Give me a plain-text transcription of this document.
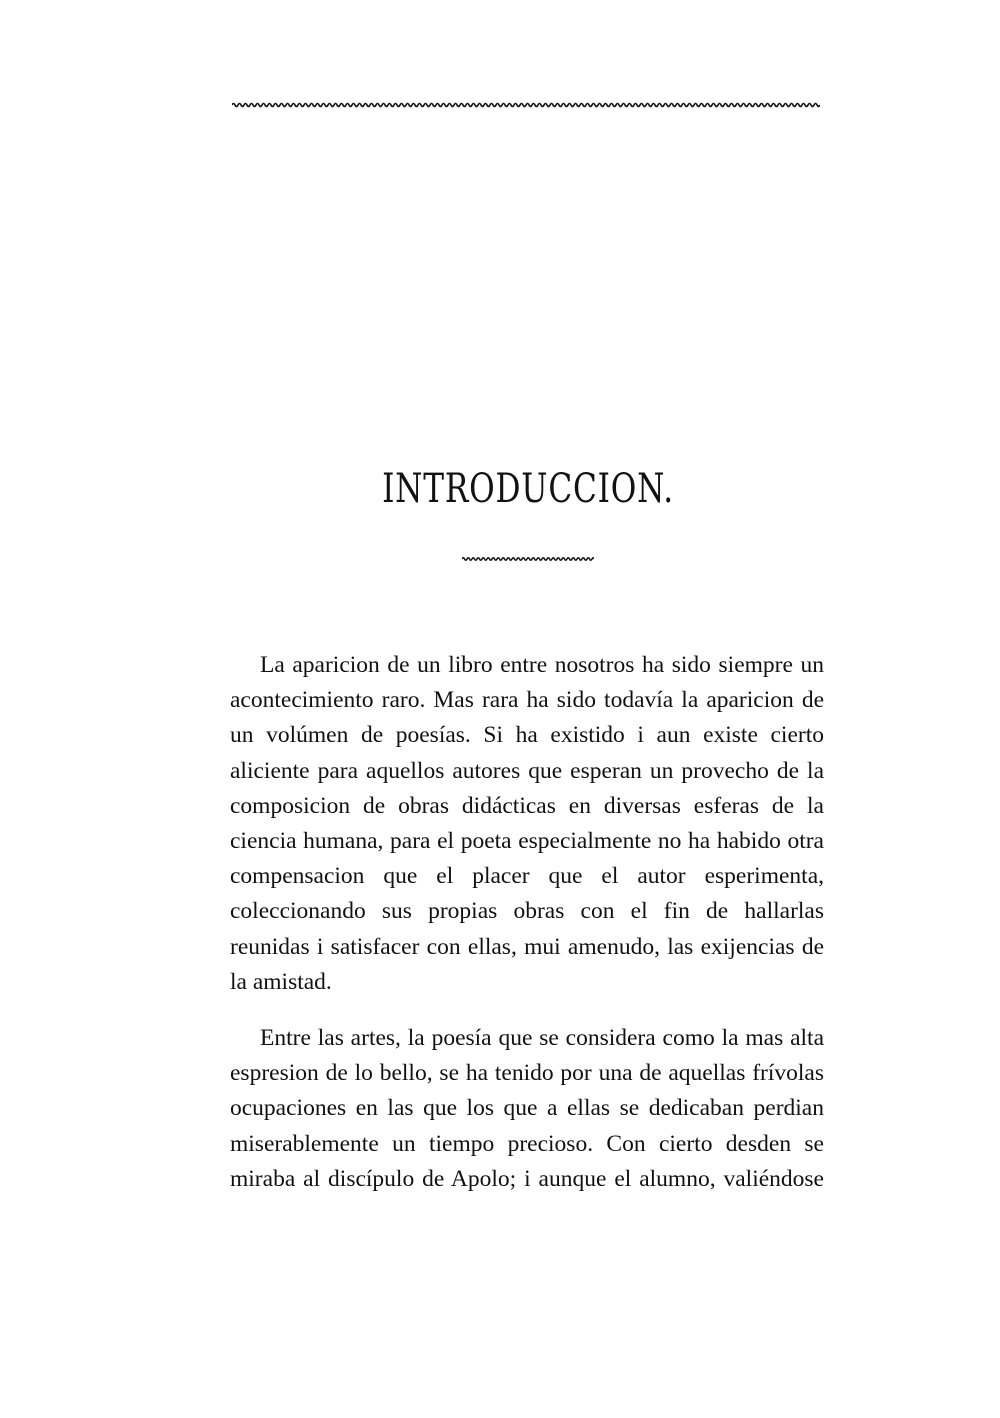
INTRODUCCION.

La aparicion de un libro entre nosotros ha sido siempre un acontecimiento raro. Mas rara ha sido todavía la aparicion de un volúmen de poesías. Si ha existido i aun existe cierto aliciente para aquellos autores que esperan un provecho de la composicion de obras didácticas en diversas esferas de la ciencia humana, para el poeta especialmente no ha habido otra compensacion que el placer que el autor esperimenta, coleccionando sus propias obras con el fin de hallarlas reunidas i satisfacer con ellas, mui amenudo, las exijencias de la amistad.

Entre las artes, la poesía que se considera como la mas alta espresion de lo bello, se ha tenido por una de aquellas frívolas ocupaciones en las que los que a ellas se dedicaban perdian miserablemente un tiempo precioso. Con cierto desden se miraba al discípulo de Apolo; i aunque el alumno, valiéndose
